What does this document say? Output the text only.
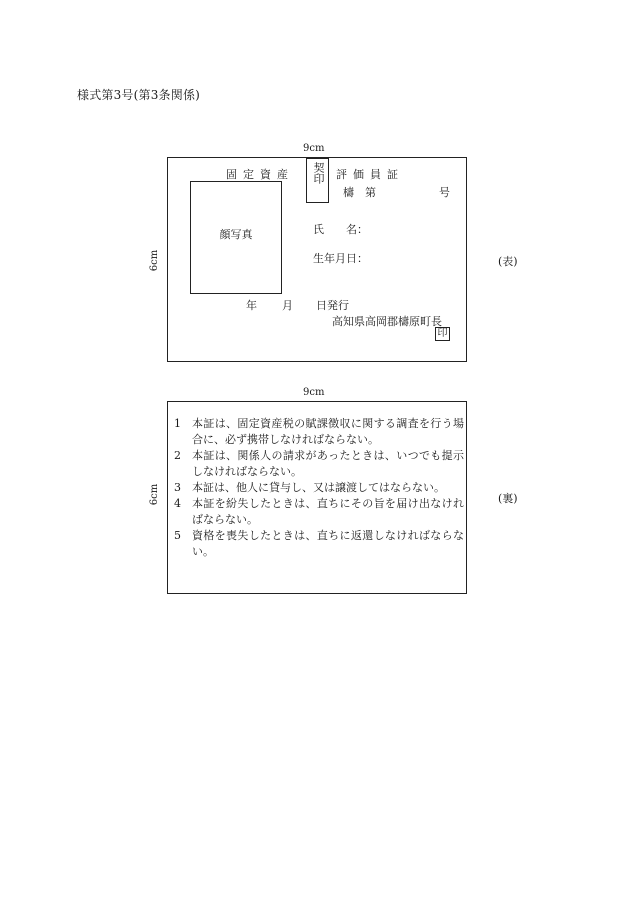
様式第3号(第3条関係)
9cm
6cm
固定資産	契印 評価員証
檮 第	号
顔写真	氏　　名：
生年月日：
年 月 日発行
高知県高岡郡檮原町長
印
(表)
9cm
6cm
1	本証は、固定資産税の賦課徴収に関する調査を行う場合に、必ず携帯しなければならない。
2	本証は、関係人の請求があったときは、いつでも提示しなければならない。
3	本証は、他人に貸与し、又は譲渡してはならない。
4	本証を紛失したときは、直ちにその旨を届け出なければならない。
5	資格を喪失したときは、直ちに返還しなければならない。
(裏)
